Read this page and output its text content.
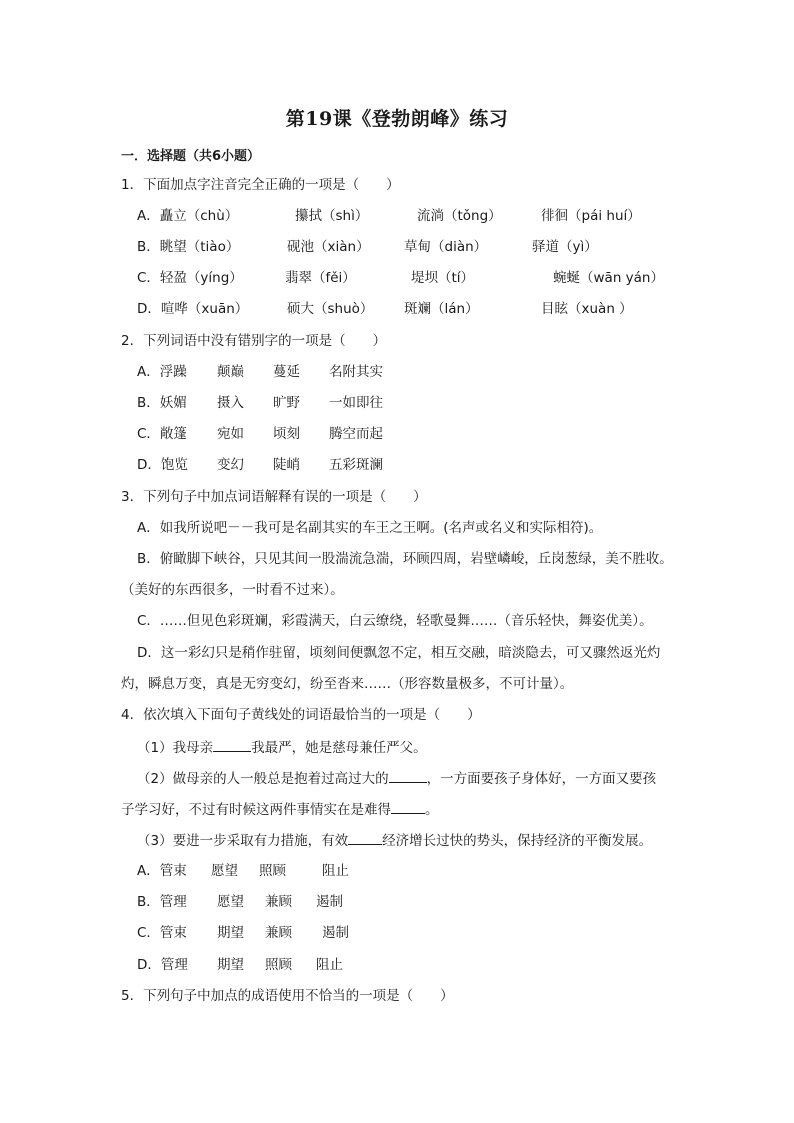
第19课《登勃朗峰》练习
一．选择题（共6小题）
1．下面加点字注音完全正确的一项是（　　）
A．矗立（chù）	攥拭（shì）	流淌（tǒng）	徘徊（pái huí）
B．眺望（tiào）	砚池（xiàn）	草甸（diàn）	驿道（yì）
C．轻盈（yíng）	翡翠（fěi）	堤坝（tí）	蜿蜒（wān yán）
D．喧哗（xuān）	硕大（shuò） 斑斓（lán）	目眩（xuàn ）
2．下列词语中没有错别字的一项是（　　）
A．浮躁 颠巅 蔓延 名附其实
B．妖媚 摄入 旷野 一如即往
C．敞篷 宛如 顷刻 腾空而起
D．饱览 变幻 陡峭 五彩斑澜
3．下列句子中加点词语解释有误的一项是（　　）
A．如我所说吧－－我可是名副其实的车王之王啊。(名声或名义和实际相符)。
B．俯瞰脚下峡谷，只见其间一股湍流急湍，环顾四周，岩壁嶙峻，丘岗葱绿，美不胜收。
（美好的东西很多，一时看不过来）。
C．……但见色彩斑斓，彩霞满天，白云缭绕，轻歌曼舞……（音乐轻快，舞姿优美）。
D．这一彩幻只是稍作驻留，顷刻间便飘忽不定，相互交融，暗淡隐去，可又骤然返光灼
灼，瞬息万变，真是无穷变幻，纷至沓来……（形容数量极多，不可计量）。
4．依次填入下面句子黄线处的词语最恰当的一项是（　　）
（1）我母亲	我最严，她是慈母兼任严父。
（2）做母亲的人一般总是抱着过高过大的	，一方面要孩子身体好，一方面又要孩
子学习好，不过有时候这两件事情实在是难得	。
（3）要进一步采取有力措施，有效	经济增长过快的势头，保持经济的平衡发展。
A．管束 愿望 照顾	阻止
B．管理 愿望 兼顾 遏制
C．管束 期望 兼顾 遏制
D．管理 期望 照顾 阻止
5．下列句子中加点的成语使用不恰当的一项是（　　）
